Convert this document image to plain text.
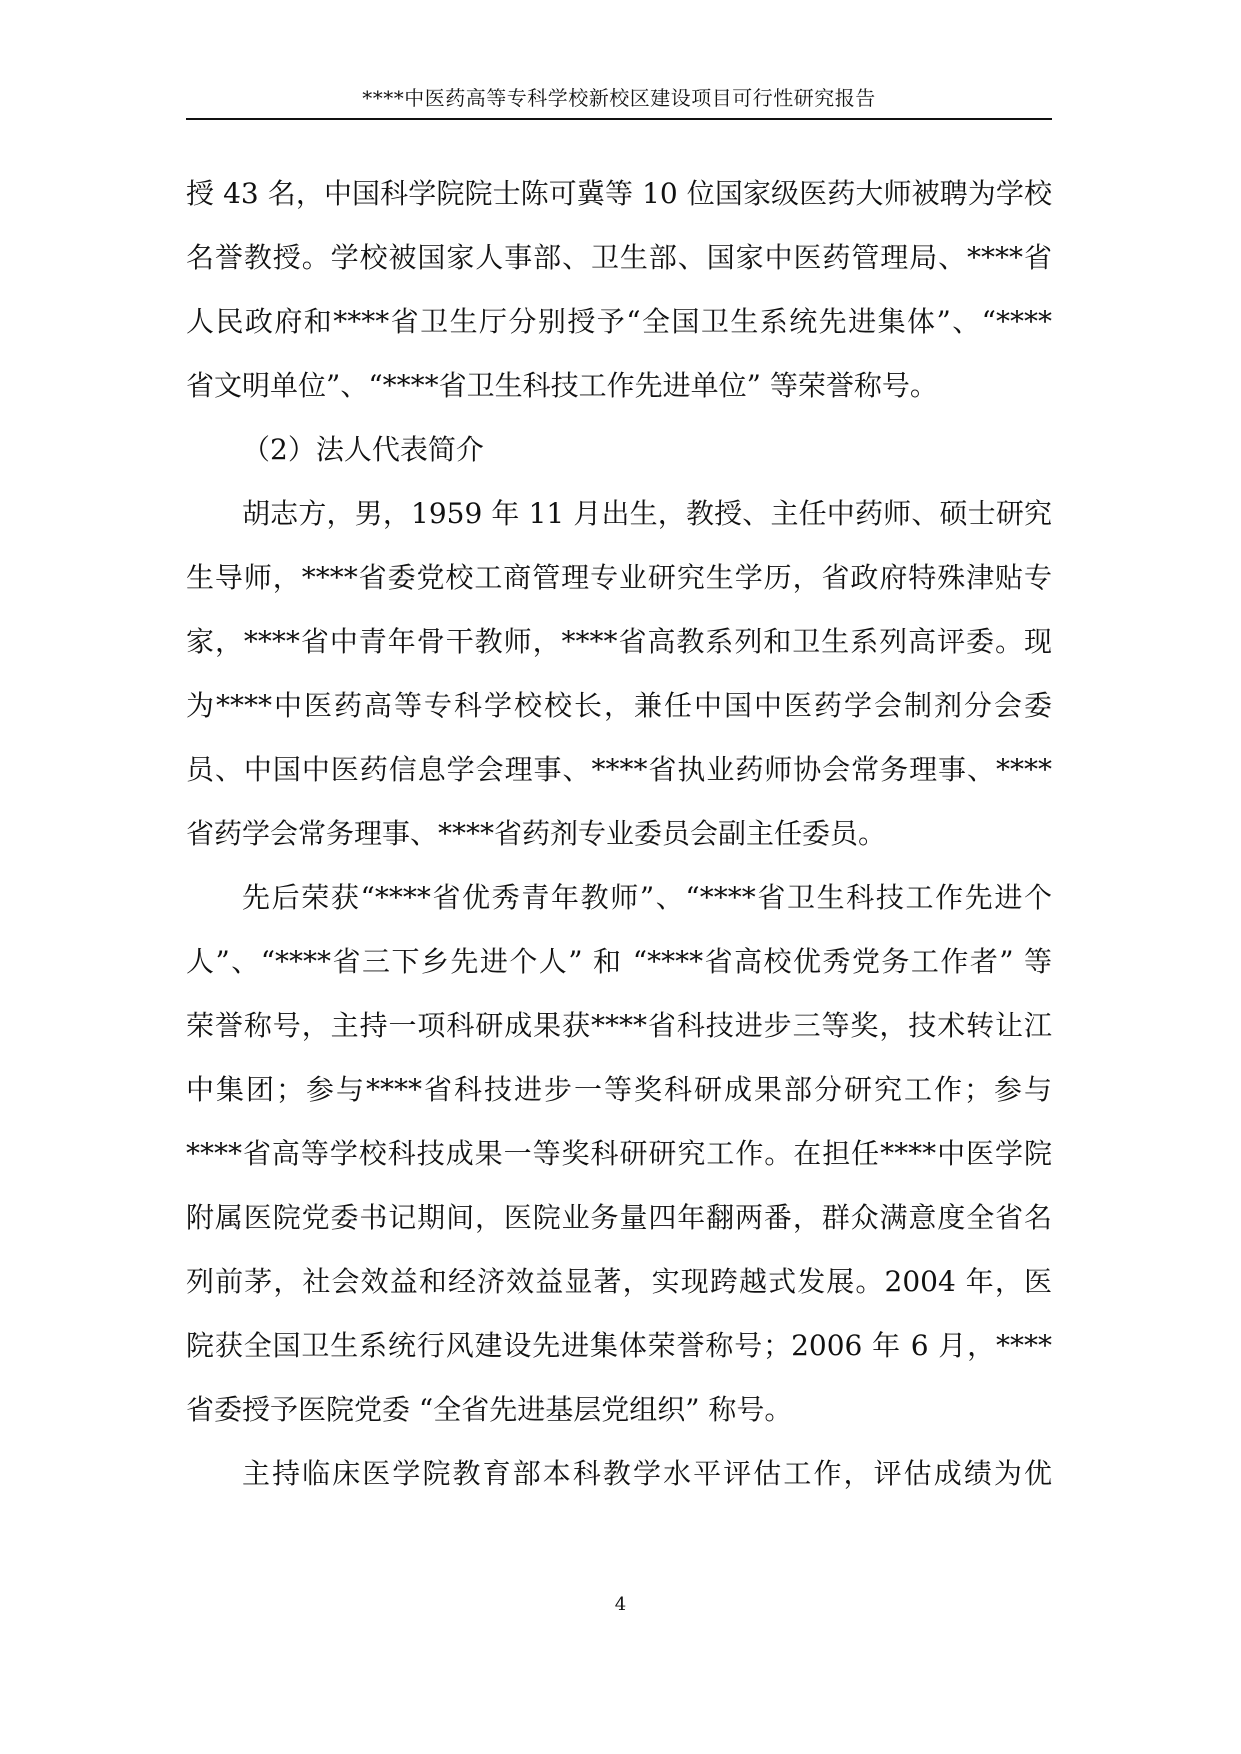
****中医药高等专科学校新校区建设项目可行性研究报告
授 43 名，中国科学院院士陈可冀等 10 位国家级医药大师被聘为学校
名誉教授。学校被国家人事部、卫生部、国家中医药管理局、****省
人民政府和****省卫生厅分别授予“全国卫生系统先进集体”、“****
省文明单位”、“****省卫生科技工作先进单位” 等荣誉称号。
（2）法人代表简介
胡志方，男，1959 年 11 月出生，教授、主任中药师、硕士研究
生导师，****省委党校工商管理专业研究生学历，省政府特殊津贴专
家，****省中青年骨干教师，****省高教系列和卫生系列高评委。现
为****中医药高等专科学校校长，兼任中国中医药学会制剂分会委
员、中国中医药信息学会理事、****省执业药师协会常务理事、****
省药学会常务理事、****省药剂专业委员会副主任委员。
先后荣获“****省优秀青年教师”、“****省卫生科技工作先进个
人”、“****省三下乡先进个人” 和 “****省高校优秀党务工作者” 等
荣誉称号，主持一项科研成果获****省科技进步三等奖，技术转让江
中集团；参与****省科技进步一等奖科研成果部分研究工作；参与
****省高等学校科技成果一等奖科研研究工作。在担任****中医学院
附属医院党委书记期间，医院业务量四年翻两番，群众满意度全省名
列前茅，社会效益和经济效益显著，实现跨越式发展。2004 年，医
院获全国卫生系统行风建设先进集体荣誉称号；2006 年 6 月，****
省委授予医院党委 “全省先进基层党组织” 称号。
主持临床医学院教育部本科教学水平评估工作，评估成绩为优
4
